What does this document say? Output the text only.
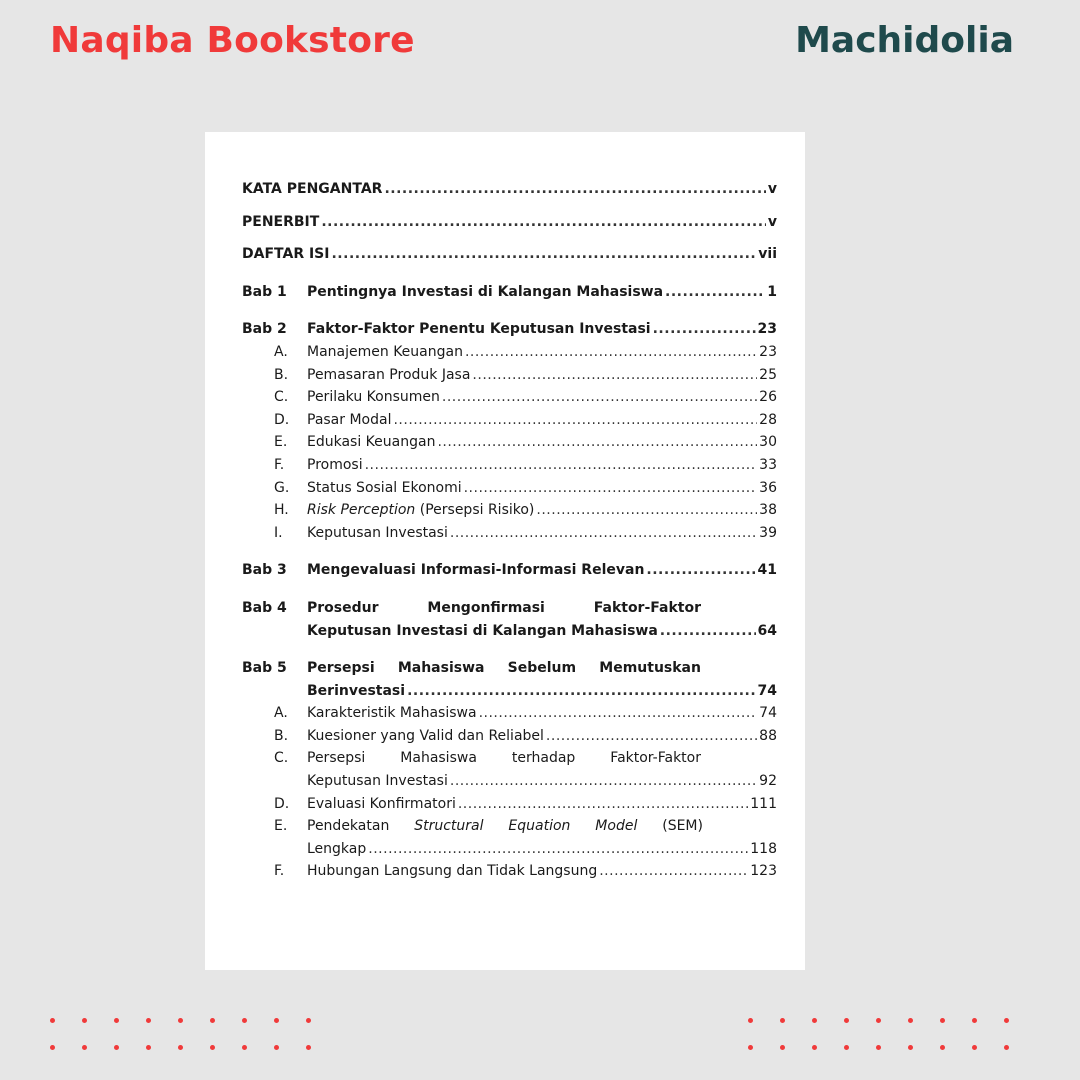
Naqiba Bookstore	Machidolia
KATA PENGANTAR .....	v
PENERBIT .....	v
DAFTAR ISI .....	vii
Bab 1	Pentingnya Investasi di Kalangan Mahasiswa .....	1
Bab 2	Faktor-Faktor Penentu Keputusan Investasi .....	23
A.	Manajemen Keuangan .....	23
B.	Pemasaran Produk Jasa .....	25
C.	Perilaku Konsumen .....	26
D.	Pasar Modal .....	28
E.	Edukasi Keuangan .....	30
F.	Promosi .....	33
G.	Status Sosial Ekonomi .....	36
H.	Risk Perception (Persepsi Risiko) .....	38
I.	Keputusan Investasi .....	39
Bab 3	Mengevaluasi Informasi-Informasi Relevan .....	41
Bab 4	Prosedur	Mengonfirmasi	Faktor-Faktor
Keputusan Investasi di Kalangan Mahasiswa .....	64
Bab 5	Persepsi Mahasiswa Sebelum Memutuskan
Berinvestasi .....	74
A.	Karakteristik Mahasiswa .....	74
B.	Kuesioner yang Valid dan Reliabel .....	88
C.	Persepsi Mahasiswa terhadap Faktor-Faktor
Keputusan Investasi .....	92
D.	Evaluasi Konfirmatori .....	111
E.	Pendekatan Structural Equation Model (SEM)
Lengkap .....	118
F.	Hubungan Langsung dan Tidak Langsung .....	123
